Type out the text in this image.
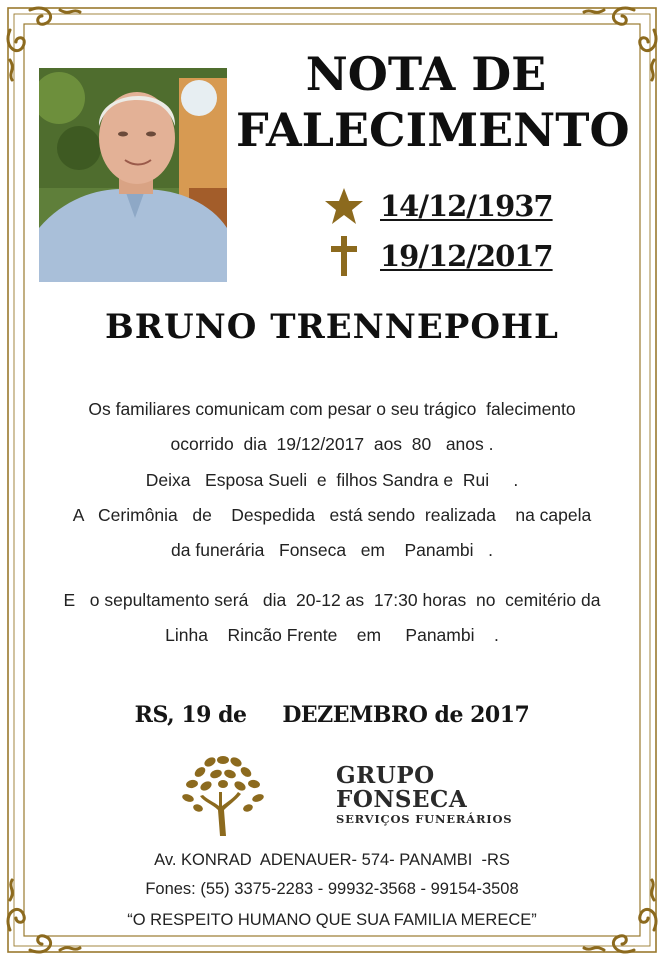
NOTA DE
FALECIMENTO
14/12/1937
19/12/2017
BRUNO TRENNEPOHL
Os familiares comunicam com pesar o seu trágico  falecimento
ocorrido  dia  19/12/2017  aos  80   anos .
Deixa   Esposa Sueli  e  filhos Sandra e  Rui     .
A   Cerimônia   de    Despedida   está sendo  realizada    na capela
da funerária   Fonseca   em    Panambi   .
E   o sepultamento será   dia  20-12 as  17:30 horas  no  cemitério da
Linha    Rincão Frente    em     Panambi    .
RS, 19 de     DEZEMBRO de 2017
GRUPO
FONSECA
SERVIÇOS FUNERÁRIOS
Av. KONRAD  ADENAUER- 574- PANAMBI  -RS
Fones: (55) 3375-2283 - 99932-3568 - 99154-3508
“O RESPEITO HUMANO QUE SUA FAMILIA MERECE”
